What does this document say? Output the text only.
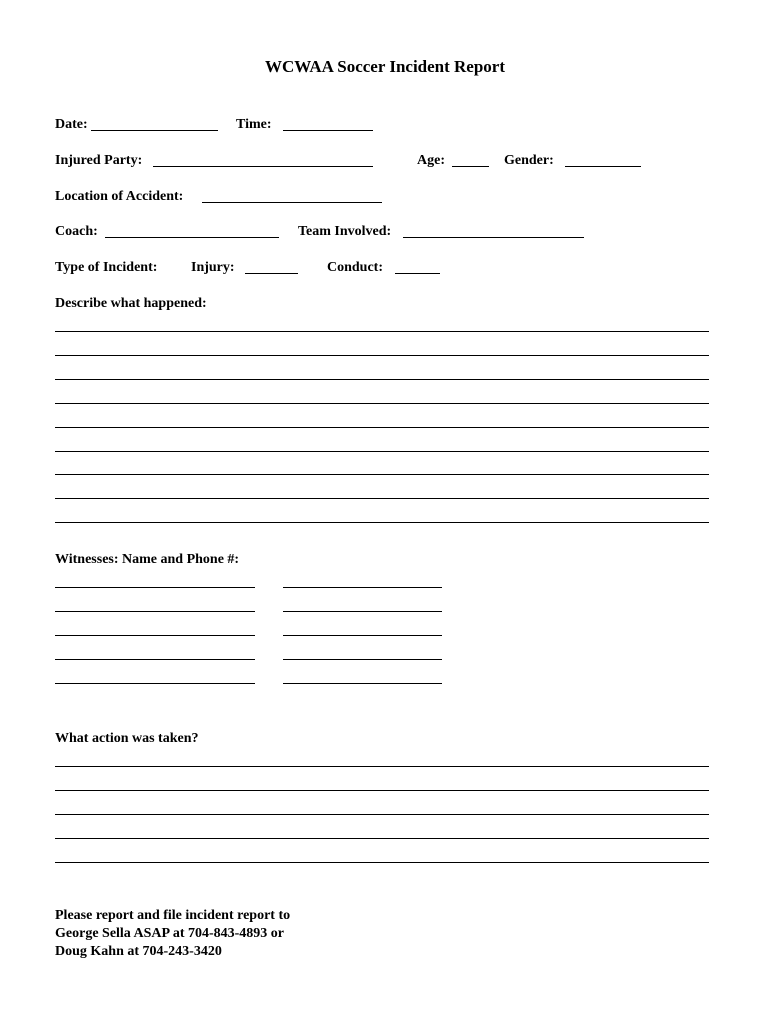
WCWAA Soccer Incident Report
Date:	Time:
Injured Party:	Age:	Gender:
Location of Accident:
Coach:	Team Involved:
Type of Incident: Injury:	Conduct:
Describe what happened:
Witnesses: Name and Phone #:
What action was taken?
Please report and file incident report to
George Sella ASAP at 704-843-4893 or
Doug Kahn at 704-243-3420
